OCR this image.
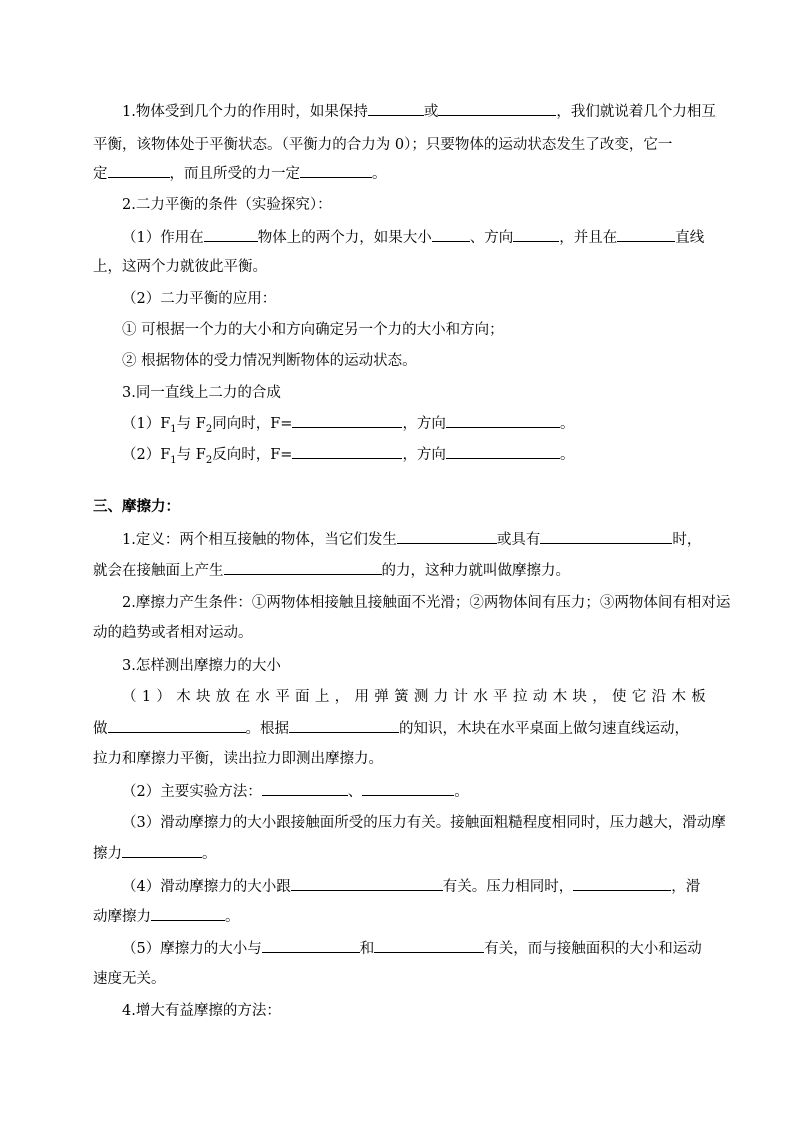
1.物体受到几个力的作用时，如果保持	或	，我们就说着几个力相互
平衡，该物体处于平衡状态。（平衡力的合力为 0）；只要物体的运动状态发生了改变，它一
定	，而且所受的力一定	。
2.二力平衡的条件（实验探究）：
（1）作用在	物体上的两个力，如果大小	、方向	，并且在	直线
上，这两个力就彼此平衡。
（2）二力平衡的应用：
① 可根据一个力的大小和方向确定另一个力的大小和方向；
② 根据物体的受力情况判断物体的运动状态。
3.同一直线上二力的合成
$(1)F_1$与 $F_2$同向时，F=	，方向	。
$(2)F_1$与 $F_2$反向时，F=	，方向	。
三、摩擦力：
1.定义：两个相互接触的物体，当它们发生	或具有	时，
就会在接触面上产生	的力，这种力就叫做摩擦力。
2.摩擦力产生条件：①两物体相接触且接触面不光滑；②两物体间有压力；③两物体间有相对运
动的趋势或者相对运动。
3.怎样测出摩擦力的大小
（ 1 ） 木 块 放 在 水 平 面 上 ， 用 弹 簧 测 力 计 水 平 拉 动 木 块 ， 使 它 沿 木 板
做	。根据	的知识，木块在水平桌面上做匀速直线运动，
拉力和摩擦力平衡，读出拉力即测出摩擦力。
（2）主要实验方法：	、	。
（3）滑动摩擦力的大小跟接触面所受的压力有关。接触面粗糙程度相同时，压力越大，滑动摩
擦力	。
（4）滑动摩擦力的大小跟	有关。压力相同时，	，滑
动摩擦力	。
（5）摩擦力的大小与	和	有关，而与接触面积的大小和运动
速度无关。
4.增大有益摩擦的方法：
